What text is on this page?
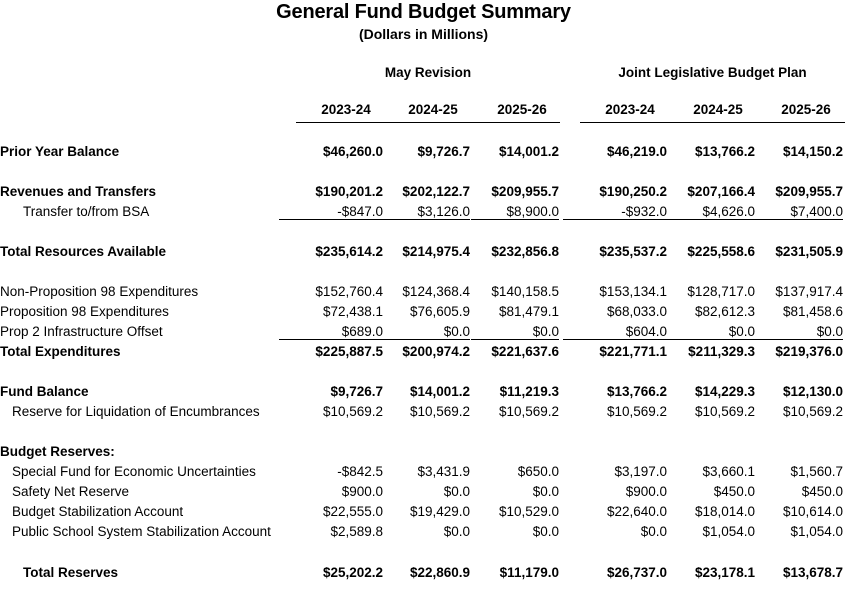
General Fund Budget Summary
(Dollars in Millions)
May Revision
2023-24	2024-25	2025-26
Joint Legislative Budget Plan
2023-24	2024-25	2025-26
Prior Year Balance	$46,260.0	$9,726.7	$14,001.2	$46,219.0	$13,766.2	$14,150.2
Revenues and Transfers	$190,201.2	$202,122.7	$209,955.7	$190,250.2	$207,166.4	$209,955.7
Transfer to/from BSA	-$847.0	$3,126.0	$8,900.0	-$932.0	$4,626.0	$7,400.0
Total Resources Available	$235,614.2	$214,975.4	$232,856.8	$235,537.2	$225,558.6	$231,505.9
Non-Proposition 98 Expenditures	$152,760.4	$124,368.4	$140,158.5	$153,134.1	$128,717.0	$137,917.4
Proposition 98 Expenditures	$72,438.1	$76,605.9	$81,479.1	$68,033.0	$82,612.3	$81,458.6
Prop 2 Infrastructure Offset	$689.0	$0.0	$0.0	$604.0	$0.0	$0.0
Total Expenditures	$225,887.5	$200,974.2	$221,637.6	$221,771.1	$211,329.3	$219,376.0
Fund Balance	$9,726.7	$14,001.2	$11,219.3	$13,766.2	$14,229.3	$12,130.0
Reserve for Liquidation of Encumbrances	$10,569.2	$10,569.2	$10,569.2	$10,569.2	$10,569.2	$10,569.2
Budget Reserves:
Special Fund for Economic Uncertainties	-$842.5	$3,431.9	$650.0	$3,197.0	$3,660.1	$1,560.7
Safety Net Reserve	$900.0	$0.0	$0.0	$900.0	$450.0	$450.0
Budget Stabilization Account	$22,555.0	$19,429.0	$10,529.0	$22,640.0	$18,014.0	$10,614.0
Public School System Stabilization Account	$2,589.8	$0.0	$0.0	$0.0	$1,054.0	$1,054.0
Total Reserves	$25,202.2	$22,860.9	$11,179.0	$26,737.0	$23,178.1	$13,678.7
